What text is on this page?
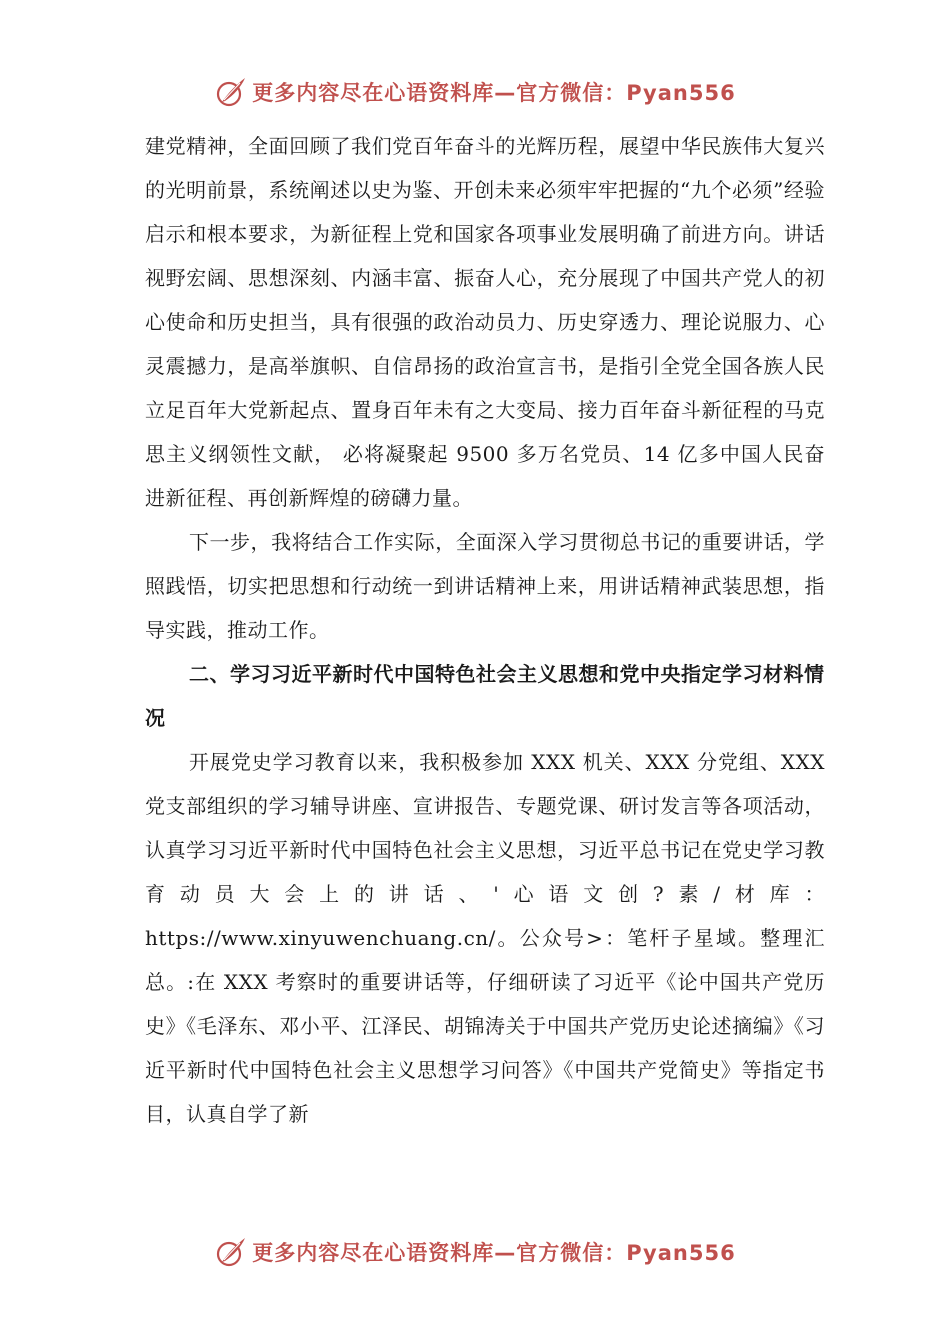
更多内容尽在心语资料库—官方微信：Pyan556

建党精神，全面回顾了我们党百年奋斗的光辉历程，展望中华民族伟大复兴的光明前景，系统阐述以史为鉴、开创未来必须牢牢把握的“九个必须”经验启示和根本要求，为新征程上党和国家各项事业发展明确了前进方向。讲话视野宏阔、思想深刻、内涵丰富、振奋人心，充分展现了中国共产党人的初心使命和历史担当，具有很强的政治动员力、历史穿透力、理论说服力、心灵震撼力，是高举旗帜、自信昂扬的政治宣言书，是指引全党全国各族人民立足百年大党新起点、置身百年未有之大变局、接力百年奋斗新征程的马克思主义纲领性文献， 必将凝聚起 9500 多万名党员、14 亿多中国人民奋进新征程、再创新辉煌的磅礴力量。

下一步，我将结合工作实际，全面深入学习贯彻总书记的重要讲话，学照践悟，切实把思想和行动统一到讲话精神上来，用讲话精神武装思想，指导实践，推动工作。

二、学习习近平新时代中国特色社会主义思想和党中央指定学习材料情况

开展党史学习教育以来，我积极参加 XXX 机关、XXX 分党组、XXX 党支部组织的学习辅导讲座、宣讲报告、专题党课、研讨发言等各项活动，认真学习习近平新时代中国特色社会主义思想，习近平总书记在党史学习教育动员大会上的讲话、'心语文创?素/材库：https://www.xinyuwenchuang.cn/。公众号>：笔杆子星域。整理汇总。:在 XXX 考察时的重要讲话等，仔细研读了习近平《论中国共产党历史》《毛泽东、邓小平、江泽民、胡锦涛关于中国共产党历史论述摘编》《习近平新时代中国特色社会主义思想学习问答》《中国共产党简史》等指定书目，认真自学了新

更多内容尽在心语资料库—官方微信：Pyan556
